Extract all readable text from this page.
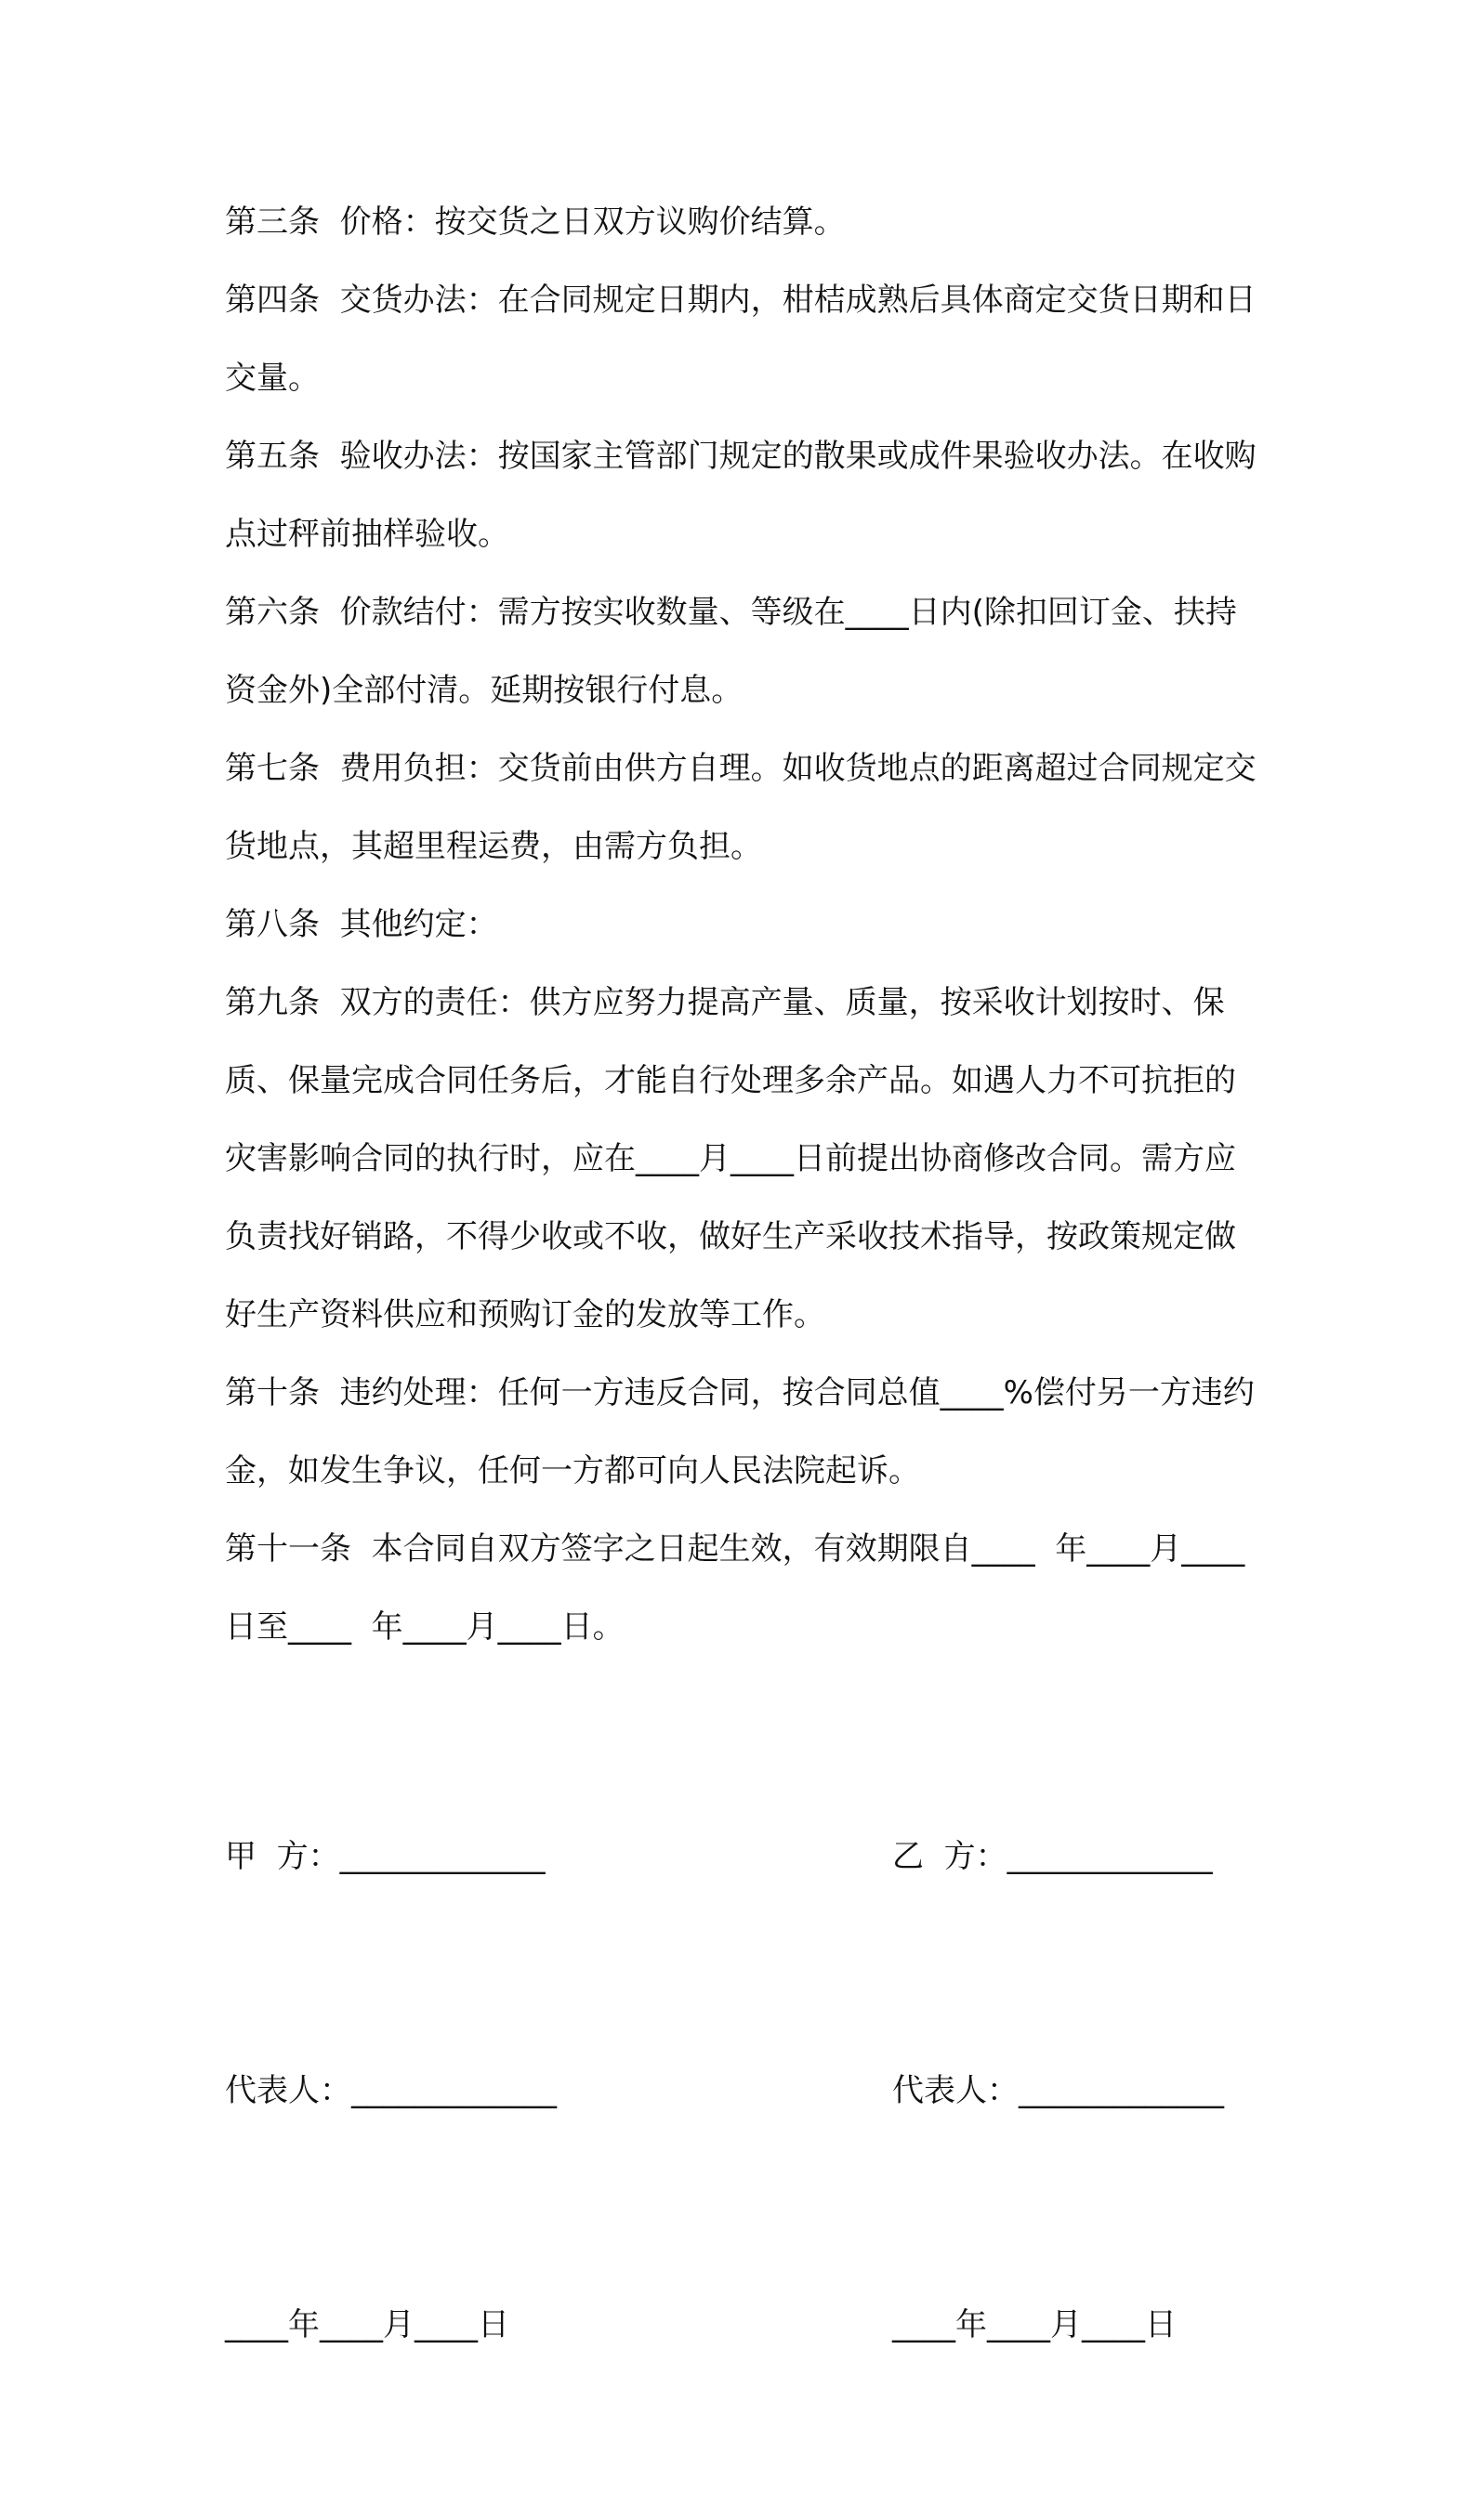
第三条  价格：按交货之日双方议购价结算。

第四条  交货办法：在合同规定日期内，柑桔成熟后具体商定交货日期和日交量。

第五条  验收办法：按国家主管部门规定的散果或成件果验收办法。在收购点过秤前抽样验收。

第六条  价款结付：需方按实收数量、等级在____日内(除扣回订金、扶持资金外)全部付清。延期按银行付息。

第七条  费用负担：交货前由供方自理。如收货地点的距离超过合同规定交货地点，其超里程运费，由需方负担。

第八条  其他约定：

第九条  双方的责任：供方应努力提高产量、质量，按采收计划按时、保质、保量完成合同任务后，才能自行处理多余产品。如遇人力不可抗拒的灾害影响合同的执行时，应在____月____日前提出协商修改合同。需方应负责找好销路，不得少收或不收，做好生产采收技术指导，按政策规定做好生产资料供应和预购订金的发放等工作。

第十条  违约处理：任何一方违反合同，按合同总值____%偿付另一方违约金，如发生争议，任何一方都可向人民法院起诉。

第十一条  本合同自双方签字之日起生效，有效期限自____  年____月____日至____  年____月____日。

甲  方：_____________

代表人：_____________

____年____月____日

乙  方：_____________

代表人：_____________

____年____月____日
